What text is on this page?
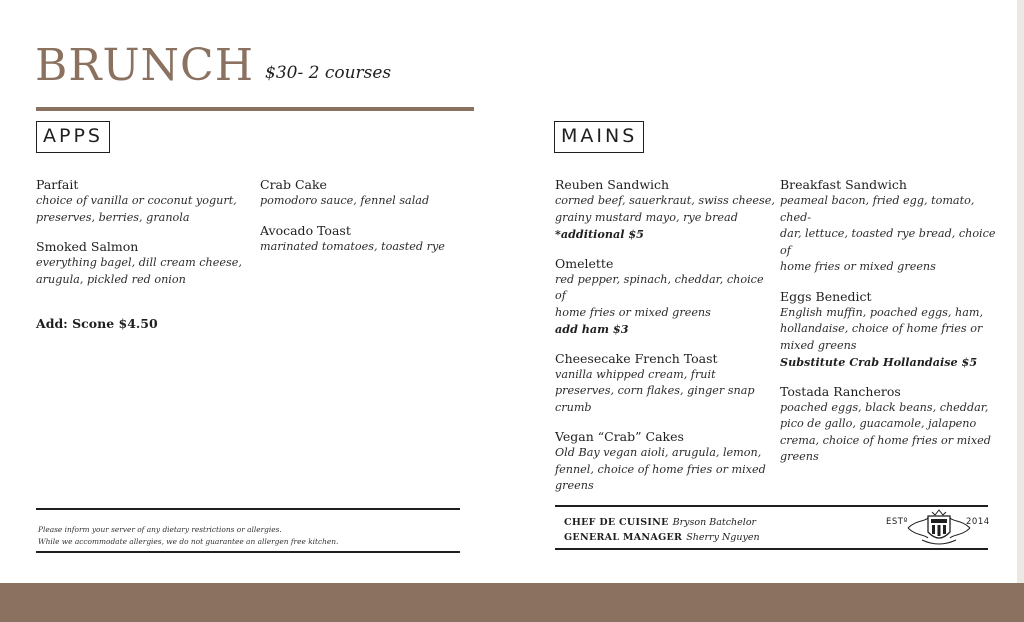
BRUNCH $30- 2 courses
APPS
Parfait
choice of vanilla or coconut yogurt,
preserves, berries, granola
Smoked Salmon
everything bagel, dill cream cheese,
arugula, pickled red onion
Add: Scone $4.50
Crab Cake
pomodoro sauce, fennel salad
Avocado Toast
marinated tomatoes, toasted rye
MAINS
Reuben Sandwich
corned beef, sauerkraut, swiss cheese,
grainy mustard mayo, rye bread
*additional $5
Omelette
red pepper, spinach, cheddar, choice of
home fries or mixed greens
add ham $3
Cheesecake French Toast
vanilla whipped cream, fruit
preserves, corn flakes, ginger snap
crumb
Vegan “Crab” Cakes
Old Bay vegan aioli, arugula, lemon,
fennel, choice of home fries or mixed
greens
Breakfast Sandwich
peameal bacon, fried egg, tomato, ched-
dar, lettuce, toasted rye bread, choice of
home fries or mixed greens
Eggs Benedict
English muffin, poached eggs, ham,
hollandaise, choice of home fries or
mixed greens
Substitute Crab Hollandaise $5
Tostada Rancheros
poached eggs, black beans, cheddar,
pico de gallo, guacamole, jalapeno
crema, choice of home fries or mixed
greens
Please inform your server of any dietary restrictions or allergies.
While we accommodate allergies, we do not guarantee an allergen free kitchen.
CHEF DE CUISINE Bryson Batchelor
GENERAL MANAGER Sherry Nguyen
ESTº	2014
